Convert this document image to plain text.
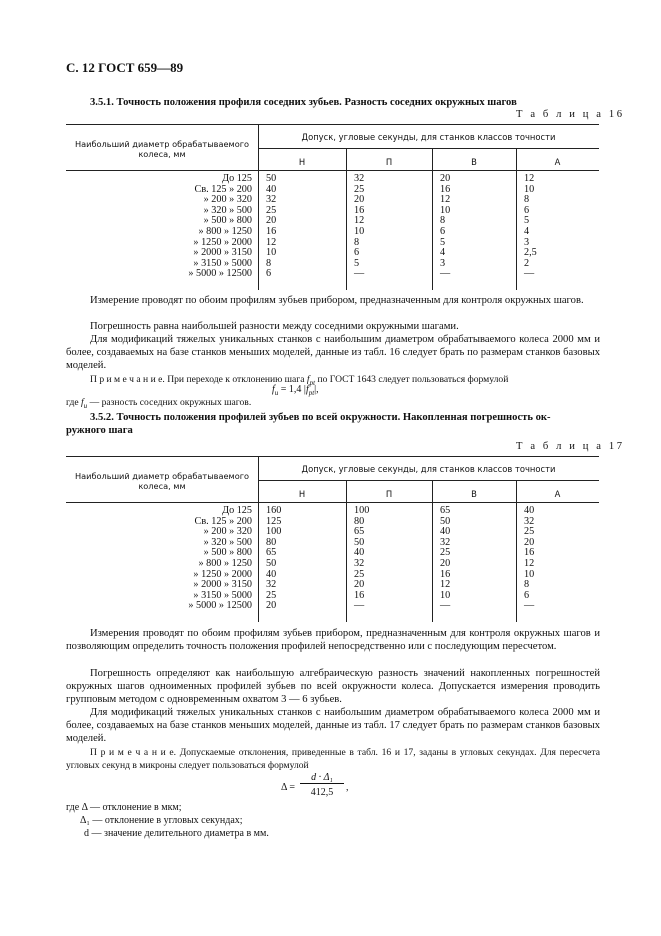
С. 12 ГОСТ 659—89
3.5.1. Точность положения профиля соседних зубьев. Разность соседних окружных шагов
Т а б л и ц а 16
Наибольший диаметр обрабатываемого колеса, мм
Допуск, угловые секунды, для станков классов точности
Н	П	В	А
До 125 50	32	20	12
Св. 125 » 200 40	25	16	10
» 200 » 320 32	20	12	8
» 320 » 500 25	16	10	6
» 500 » 800 20	12	8	5
» 800 » 1250 16	10	6	4
» 1250 » 2000 12	8	5	3
» 2000 » 3150 10	6	4	2,5
» 3150 » 5000 8	5	3	2
» 5000 » 12500 6	—	—	—
Измерение проводят по обоим профилям зубьев прибором, предназначенным для контроля окружных шагов.
Погрешность равна наибольшей разности между соседними окружными шагами.
Для модификаций тяжелых уникальных станков с наибольшим диаметром обрабатываемого колеса 2000 мм и более, создаваемых на базе станков меньших моделей, данные из табл. 16 следует брать по размерам станков базовых моделей.
П р и м е ч а н и е. При переходе к отклонению шага $f_{pt}$ по ГОСТ 1643 следует пользоваться формулой
$f_u = 1,4$ $|f_{pt}|$,
где $f_u$ — разность соседних окружных шагов.
3.5.2. Точность положения профилей зубьев по всей окружности. Накопленная погрешность ок-
ружного шага
Т а б л и ц а 17
Наибольший диаметр обрабатываемого колеса, мм
Допуск, угловые секунды, для станков классов точности
Н	П	В	А
До 125 160	100	65	40
Св. 125 » 200 125	80	50	32
» 200 » 320 100	65	40	25
» 320 » 500 80	50	32	20
» 500 » 800 65	40	25	16
» 800 » 1250 50	32	20	12
» 1250 » 2000 40	25	16	10
» 2000 » 3150 32	20	12	8
» 3150 » 5000 25	16	10	6
» 5000 » 12500 20	—	—	—
Измерения проводят по обоим профилям зубьев прибором, предназначенным для контроля окружных шагов и позволяющим определить точность положения профилей непосредственно или с последующим пересчетом.
Погрешность определяют как наибольшую алгебраическую разность значений накопленных погрешностей окружных шагов одноименных профилей зубьев по всей окружности колеса. Допускается измерения проводить групповым методом с одновременным охватом 3 — 6 зубьев.
Для модификаций тяжелых уникальных станков с наибольшим диаметром обрабатываемого колеса 2000 мм и более, создаваемых на базе станков меньших моделей, данные из табл. 17 следует брать по размерам станков базовых моделей.
П р и м е ч а н и е. Допускаемые отклонения, приведенные в табл. 16 и 17, заданы в угловых секундах. Для пересчета угловых секунд в микроны следует пользоваться формулой
Δ =
d · Δ₁
412,5	,
где Δ — отклонение в мкм;
Δ₁ — отклонение в угловых секундах;
d — значение делительного диаметра в мм.
